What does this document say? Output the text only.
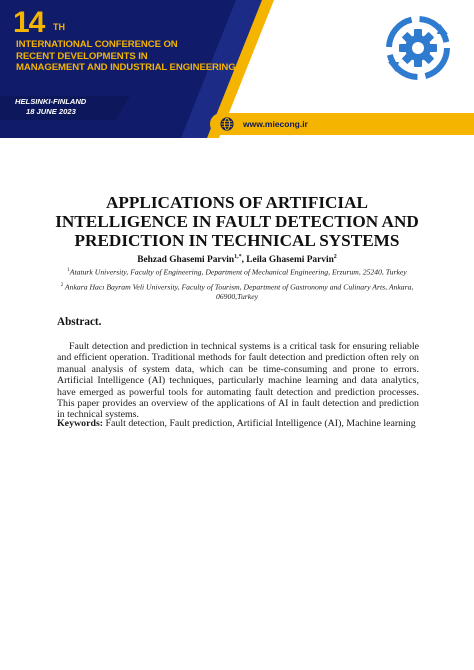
14 TH
INTERNATIONAL CONFERENCE ON
RECENT DEVELOPMENTS IN
MANAGEMENT AND INDUSTRIAL ENGINEERING
HELSINKI-FINLAND
18 JUNE 2023
www.miecong.ir
APPLICATIONS OF ARTIFICIAL
INTELLIGENCE IN FAULT DETECTION AND
PREDICTION IN TECHNICAL SYSTEMS
Behzad Ghasemi Parvin$^{1,*}$, Leila Ghasemi Parvin$^2$
$^1$Ataturk University, Faculty of Engineering, Department of Mechanical Engineering, Erzurum, 25240, Turkey
$^2$ Ankara Hacı Bayram Veli University, Faculty of Tourism, Department of Gastronomy and Culinary Arts, Ankara, 06900,Turkey
Abstract.
Fault detection and prediction in technical systems is a critical task for ensuring reliable and efficient operation. Traditional methods for fault detection and prediction often rely on manual analysis of system data, which can be time-consuming and prone to errors. Artificial Intelligence (AI) techniques, particularly machine learning and data analytics, have emerged as powerful tools for automating fault detection and prediction processes. This paper provides an overview of the applications of AI in fault detection and prediction in technical systems.
Keywords: Fault detection, Fault prediction, Artificial Intelligence (AI), Machine learning
